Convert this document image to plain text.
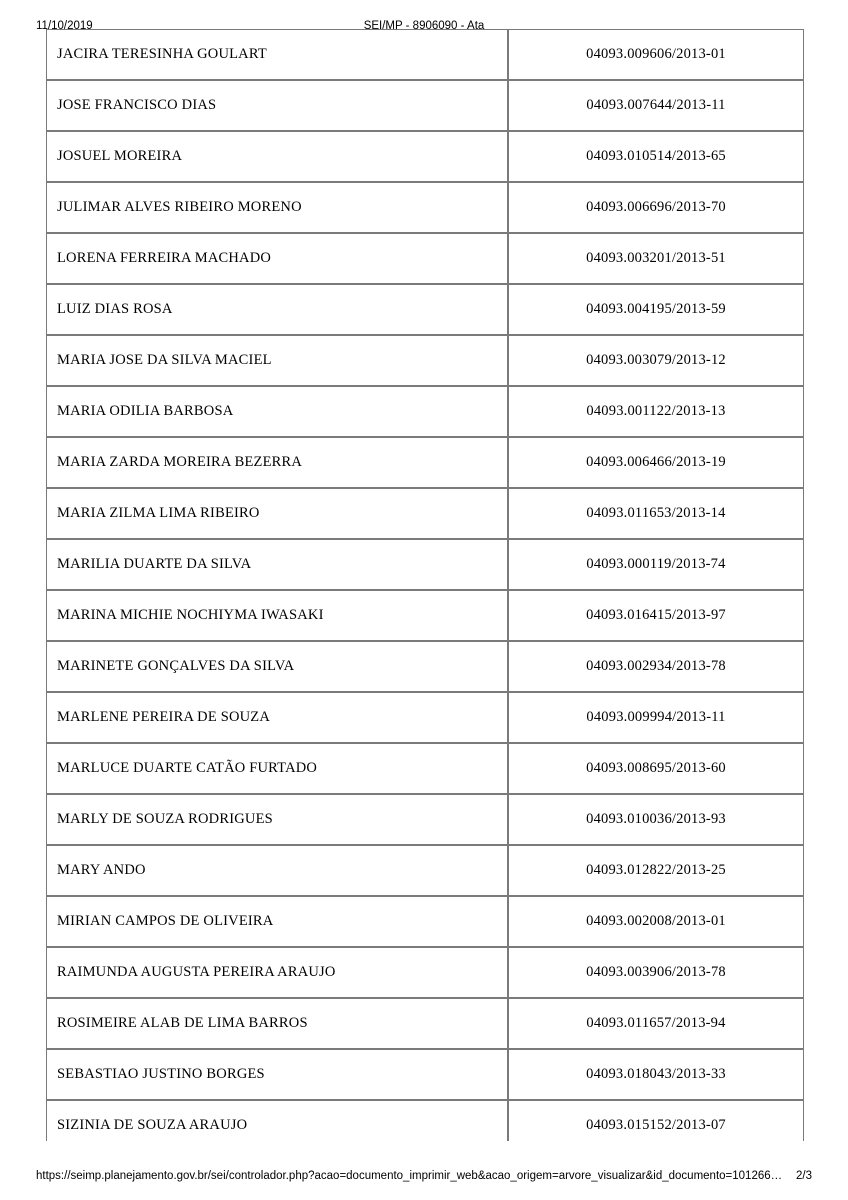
11/10/2019	SEI/MP - 8906090 - Ata
JACIRA TERESINHA GOULART	04093.009606/2013-01
JOSE FRANCISCO DIAS	04093.007644/2013-11
JOSUEL MOREIRA	04093.010514/2013-65
JULIMAR ALVES RIBEIRO MORENO	04093.006696/2013-70
LORENA FERREIRA MACHADO	04093.003201/2013-51
LUIZ DIAS ROSA	04093.004195/2013-59
MARIA JOSE DA SILVA MACIEL	04093.003079/2013-12
MARIA ODILIA BARBOSA	04093.001122/2013-13
MARIA ZARDA MOREIRA BEZERRA	04093.006466/2013-19
MARIA ZILMA LIMA RIBEIRO	04093.011653/2013-14
MARILIA DUARTE DA SILVA	04093.000119/2013-74
MARINA MICHIE NOCHIYMA IWASAKI	04093.016415/2013-97
MARINETE GONÇALVES DA SILVA	04093.002934/2013-78
MARLENE PEREIRA DE SOUZA	04093.009994/2013-11
MARLUCE DUARTE CATÃO FURTADO	04093.008695/2013-60
MARLY DE SOUZA RODRIGUES	04093.010036/2013-93
MARY ANDO	04093.012822/2013-25
MIRIAN CAMPOS DE OLIVEIRA	04093.002008/2013-01
RAIMUNDA AUGUSTA PEREIRA ARAUJO	04093.003906/2013-78
ROSIMEIRE ALAB DE LIMA BARROS	04093.011657/2013-94
SEBASTIAO JUSTINO BORGES	04093.018043/2013-33
SIZINIA DE SOUZA ARAUJO	04093.015152/2013-07

https://seimp.planejamento.gov.br/sei/controlador.php?acao=documento_imprimir_web&acao_origem=arvore_visualizar&id_documento=101266… 2/3
